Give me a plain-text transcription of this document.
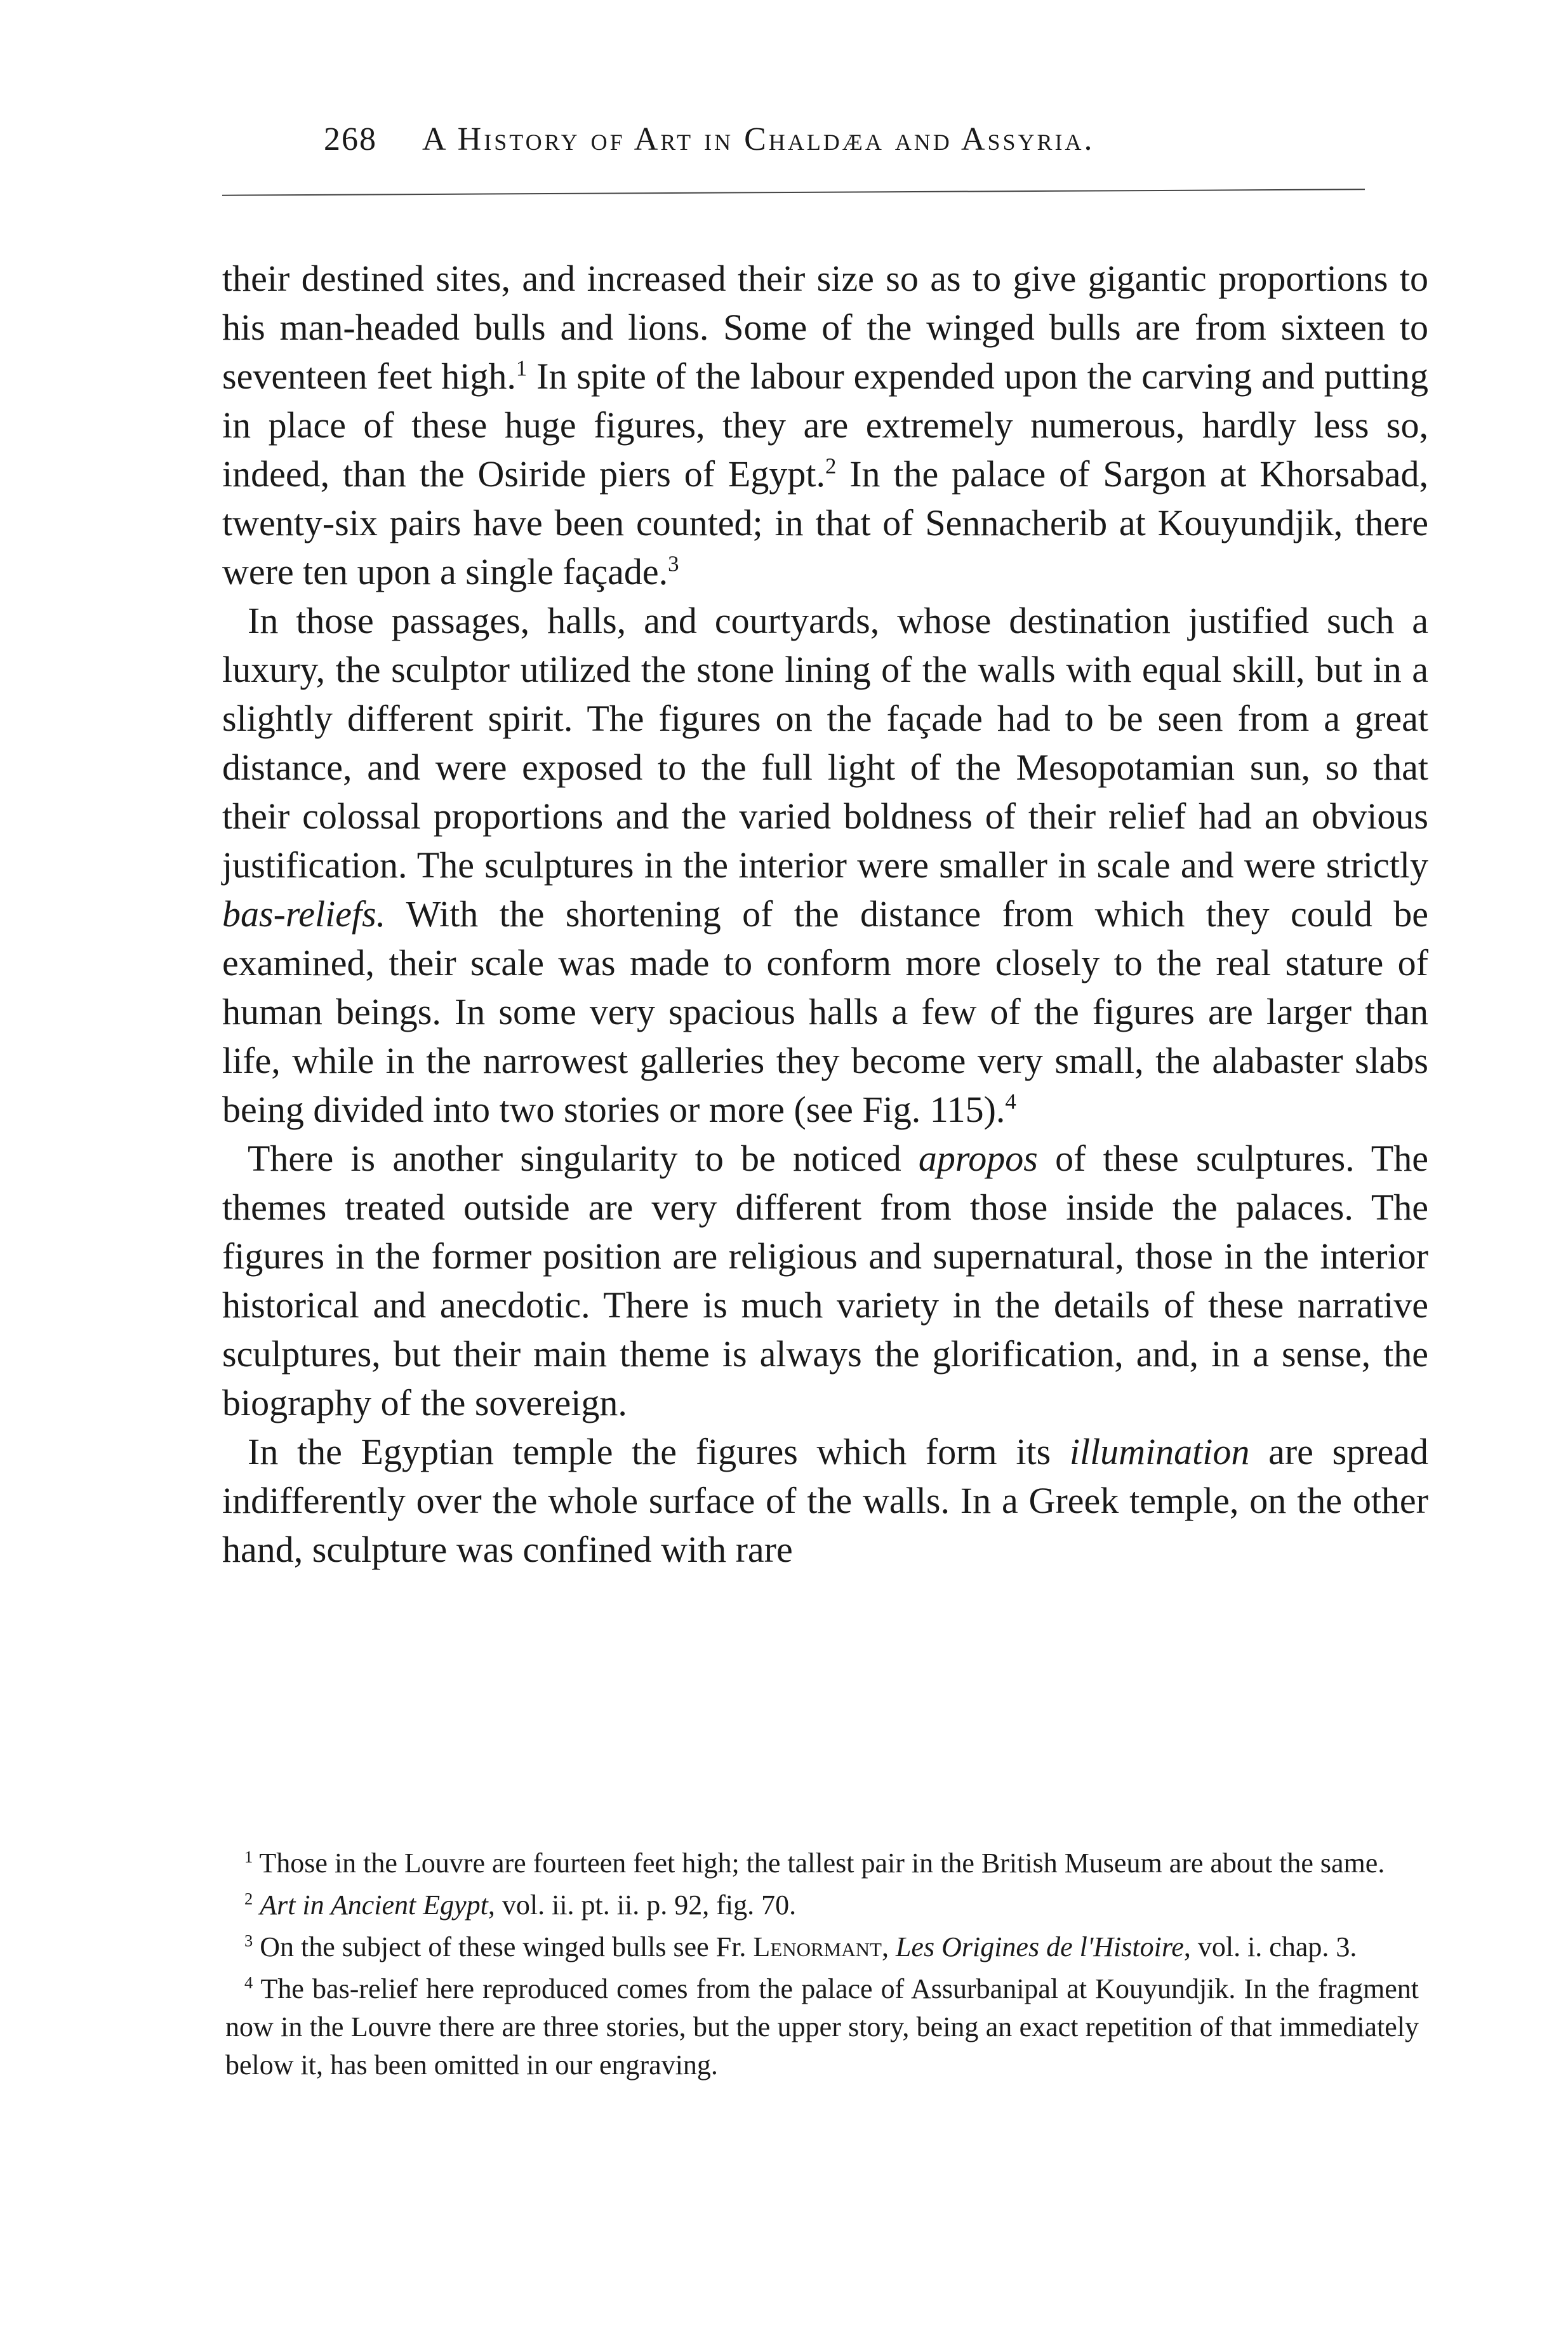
268 A History of Art in Chaldæa and Assyria.

their destined sites, and increased their size so as to give gigantic proportions to his man-headed bulls and lions. Some of the winged bulls are from sixteen to seventeen feet high.$^1$ In spite of the labour expended upon the carving and putting in place of these huge figures, they are extremely numerous, hardly less so, indeed, than the Osiride piers of Egypt.$^2$ In the palace of Sargon at Khorsabad, twenty-six pairs have been counted; in that of Sennacherib at Kouyundjik, there were ten upon a single façade.$^3$

In those passages, halls, and courtyards, whose destination justified such a luxury, the sculptor utilized the stone lining of the walls with equal skill, but in a slightly different spirit. The figures on the façade had to be seen from a great distance, and were exposed to the full light of the Mesopotamian sun, so that their colossal proportions and the varied boldness of their relief had an obvious justification. The sculptures in the interior were smaller in scale and were strictly bas-reliefs. With the shortening of the distance from which they could be examined, their scale was made to conform more closely to the real stature of human beings. In some very spacious halls a few of the figures are larger than life, while in the narrowest galleries they become very small, the alabaster slabs being divided into two stories or more (see Fig. 115).$^4$

There is another singularity to be noticed apropos of these sculptures. The themes treated outside are very different from those inside the palaces. The figures in the former position are religious and supernatural, those in the interior historical and anecdotic. There is much variety in the details of these narrative sculptures, but their main theme is always the glorification, and, in a sense, the biography of the sovereign.

In the Egyptian temple the figures which form its illumination are spread indifferently over the whole surface of the walls. In a Greek temple, on the other hand, sculpture was confined with rare

$^1$ Those in the Louvre are fourteen feet high; the tallest pair in the British Museum are about the same.

$^2$ Art in Ancient Egypt, vol. ii. pt. ii. p. 92, fig. 70.

$^3$ On the subject of these winged bulls see Fr. Lenormant, Les Origines de l'Histoire, vol. i. chap. 3.

$^4$ The bas-relief here reproduced comes from the palace of Assurbanipal at Kouyundjik. In the fragment now in the Louvre there are three stories, but the upper story, being an exact repetition of that immediately below it, has been omitted in our engraving.
